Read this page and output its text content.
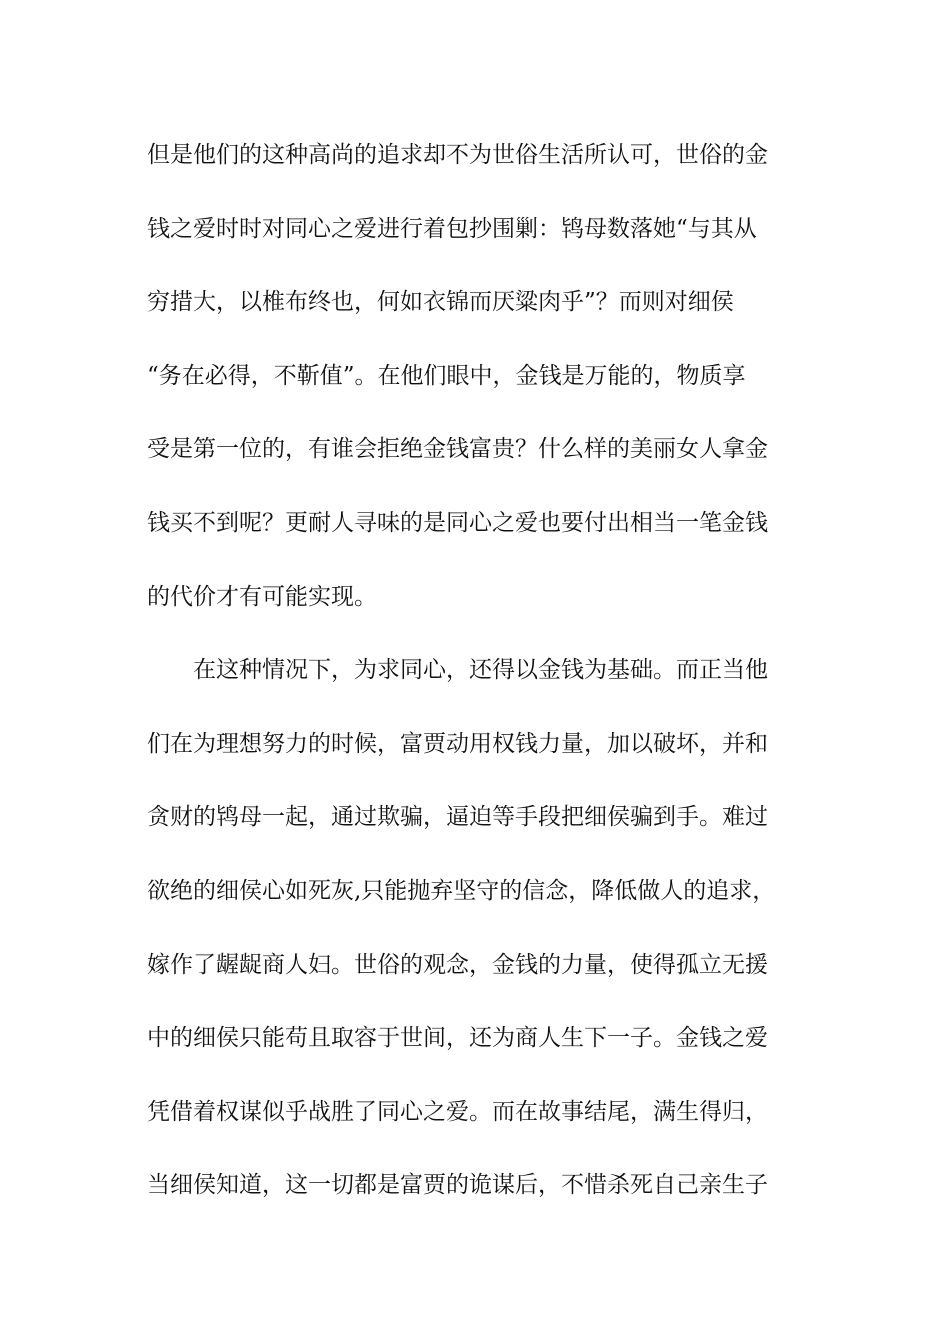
但是他们的这种高尚的追求却不为世俗生活所认可，世俗的金
钱之爱时时对同心之爱进行着包抄围剿：鸨母数落她“与其从
穷措大，以椎布终也，何如衣锦而厌粱肉乎”？而则对细侯
“务在必得，不靳值”。在他们眼中，金钱是万能的，物质享
受是第一位的，有谁会拒绝金钱富贵？什么样的美丽女人拿金
钱买不到呢？更耐人寻味的是同心之爱也要付出相当一笔金钱
的代价才有可能实现。
在这种情况下，为求同心，还得以金钱为基础。而正当他
们在为理想努力的时候，富贾动用权钱力量，加以破坏，并和
贪财的鸨母一起，通过欺骗，逼迫等手段把细侯骗到手。难过
欲绝的细侯心如死灰,只能抛弃坚守的信念，降低做人的追求，
嫁作了龌龊商人妇。世俗的观念，金钱的力量，使得孤立无援
中的细侯只能苟且取容于世间，还为商人生下一子。金钱之爱
凭借着权谋似乎战胜了同心之爱。而在故事结尾，满生得归，
当细侯知道，这一切都是富贾的诡谋后，不惜杀死自己亲生子
